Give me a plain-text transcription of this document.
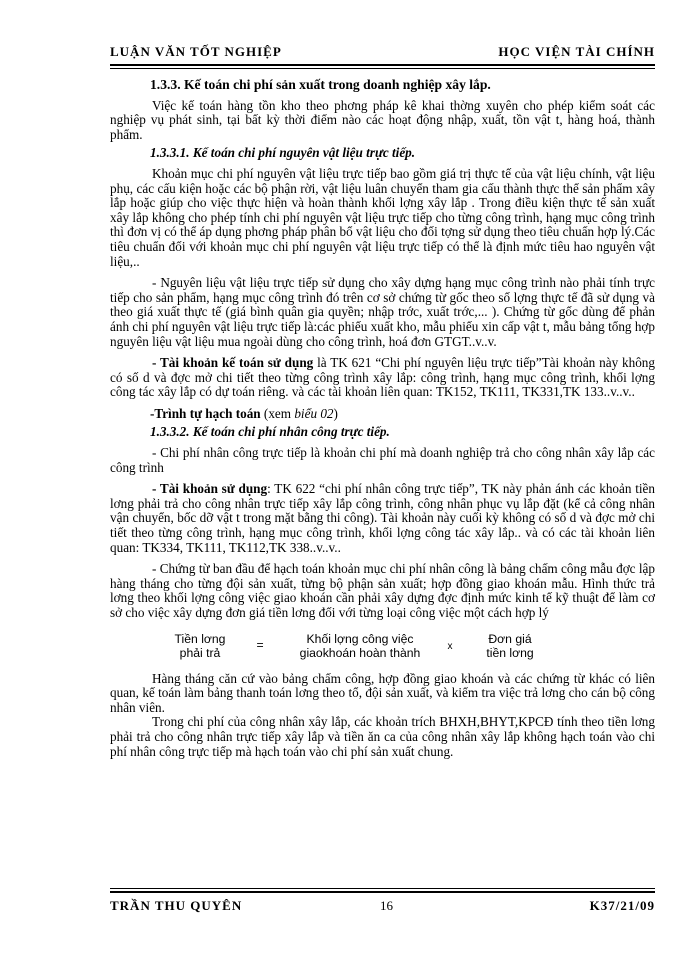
LUẬN VĂN TỐT NGHIỆP	HỌC VIỆN TÀI CHÍNH

1.3.3. Kế toán chi phí sản xuất trong doanh nghiệp xây lắp.

Việc kế toán hàng tồn kho theo phơng pháp kê khai thờng xuyên cho phép kiểm soát các nghiệp vụ phát sinh, tại bất kỳ thời điểm nào các hoạt động nhập, xuất, tồn vật t, hàng hoá, thành phẩm.

1.3.3.1. Kế toán chi phí nguyên vật liệu trực tiếp.

Khoản mục chi phí nguyên vật liệu trực tiếp bao gồm giá trị thực tế của vật liệu chính, vật liệu phụ, các cấu kiện hoặc các bộ phận rời, vật liệu luân chuyển tham gia cấu thành thực thể sản phẩm xây lắp hoặc giúp cho việc thực hiện và hoàn thành khối lợng xây lắp . Trong điều kiện thực tế sản xuất xây lắp không cho phép tính chi phí nguyên vật liệu trực tiếp cho từng công trình, hạng mục công trình thì đơn vị có thể áp dụng phơng pháp phân bổ vật liệu cho đối tợng sử dụng theo tiêu chuẩn hợp lý.Các tiêu chuẩn đối với khoản mục chi phí nguyên vật liệu trực tiếp có thể là định mức tiêu hao nguyên vật liệu,..

- Nguyên liệu vật liệu trực tiếp sử dụng cho xây dựng hạng mục công trình nào phải tính trực tiếp cho sản phẩm, hạng mục công trình đó trên cơ sở chứng từ gốc theo số lợng thực tế đã sử dụng và theo giá xuất thực tế (giá bình quân gia quyền; nhập trớc, xuất trớc,... ). Chứng từ gốc dùng để phản ánh chi phí nguyên vật liệu trực tiếp là:các phiếu xuất kho, mẫu phiếu xin cấp vật t, mẫu bảng tổng hợp nguyên liệu vật liệu mua ngoài dùng cho công trình, hoá đơn GTGT..v..v.

- Tài khoản kế toán sử dụng là TK 621 “Chi phí nguyên liệu trực tiếp”Tài khoản này không có số d và đợc mở chi tiết theo từng công trình xây lắp: công trình, hạng mục công trình, khối lợng công tác xây lắp có dự toán riêng. và các tài khoản liên quan: TK152, TK111, TK331,TK 133..v..v..

-Trình tự hạch toán (xem biểu 02)

1.3.3.2. Kế toán chi phí nhân công trực tiếp.

- Chi phí nhân công trực tiếp là khoản chi phí mà doanh nghiệp trả cho công nhân xây lắp các công trình

- Tài khoản sử dụng: TK 622 “chi phí nhân công trực tiếp”, TK này phản ánh các khoản tiền lơng phải trả cho công nhân trực tiếp xây lắp công trình, công nhân phục vụ lắp đặt (kể cả công nhân vận chuyển, bốc dỡ vật t trong mặt bằng thi công). Tài khoản này cuối kỳ không có số d và đợc mở chi tiết theo từng công trình, hạng mục công trình, khối lợng công tác xây lắp.. và có các tài khoản liên quan: TK334, TK111, TK112,TK 338..v..v..

- Chứng từ ban đầu để hạch toán khoản mục chi phí nhân công là bảng chấm công mẫu đợc lập hàng tháng cho từng đội sản xuất, từng bộ phận sản xuất; hợp đồng giao khoán mẫu. Hình thức trả lơng theo khối lợng công việc giao khoán cần phải xây dựng đợc định mức kinh tế kỹ thuật để làm cơ sở cho việc xây dựng đơn giá tiền lơng đối với từng loại công việc một cách hợp lý

Tiền lơng
phải trả
=	Khối lợng công việc
giaokhoán hoàn thành	x
Đơn giá
tiền lơng

Hàng tháng căn cứ vào bảng chấm công, hợp đồng giao khoán và các chứng từ khác có liên quan, kế toán làm bảng thanh toán lơng theo tổ, đội sản xuất, và kiểm tra việc trả lơng cho cán bộ công nhân viên.

Trong chi phí của công nhân xây lắp, các khoản trích BHXH,BHYT,KPCĐ tính theo tiền lơng phải trả cho công nhân trực tiếp xây lắp và tiền ăn ca của công nhân xây lắp không hạch toán vào chi phí nhân công trực tiếp mà hạch toán vào chi phí sản xuất chung.

TRẦN THU QUYÊN	16	K37/21/09
